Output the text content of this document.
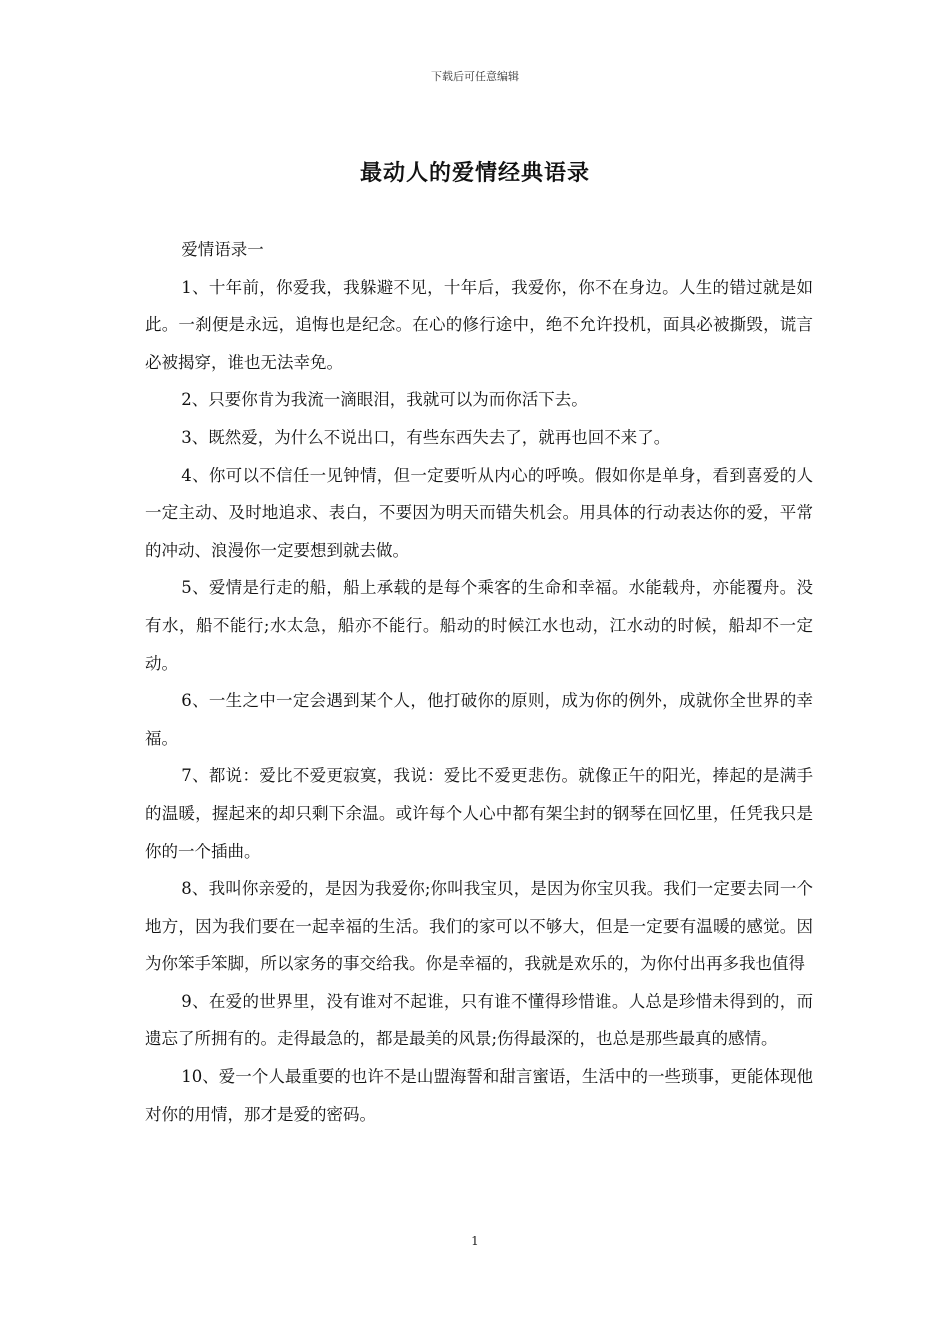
下载后可任意编辑
最动人的爱情经典语录

爱情语录一

1、十年前，你爱我，我躲避不见，十年后，我爱你，你不在身边。人生的错过就是如此。一刹便是永远，追悔也是纪念。在心的修行途中，绝不允许投机，面具必被撕毁，谎言必被揭穿，谁也无法幸免。

2、只要你肯为我流一滴眼泪，我就可以为而你活下去。

3、既然爱，为什么不说出口，有些东西失去了，就再也回不来了。

4、你可以不信任一见钟情，但一定要听从内心的呼唤。假如你是单身，看到喜爱的人一定主动、及时地追求、表白，不要因为明天而错失机会。用具体的行动表达你的爱，平常的冲动、浪漫你一定要想到就去做。

5、爱情是行走的船，船上承载的是每个乘客的生命和幸福。水能载舟，亦能覆舟。没有水，船不能行;水太急，船亦不能行。船动的时候江水也动，江水动的时候，船却不一定动。

6、一生之中一定会遇到某个人，他打破你的原则，成为你的例外，成就你全世界的幸福。

7、都说：爱比不爱更寂寞，我说：爱比不爱更悲伤。就像正午的阳光，捧起的是满手的温暖，握起来的却只剩下余温。或许每个人心中都有架尘封的钢琴在回忆里，任凭我只是你的一个插曲。

8、我叫你亲爱的，是因为我爱你;你叫我宝贝，是因为你宝贝我。我们一定要去同一个地方，因为我们要在一起幸福的生活。我们的家可以不够大，但是一定要有温暖的感觉。因为你笨手笨脚，所以家务的事交给我。你是幸福的，我就是欢乐的，为你付出再多我也值得

9、在爱的世界里，没有谁对不起谁，只有谁不懂得珍惜谁。人总是珍惜未得到的，而遗忘了所拥有的。走得最急的，都是最美的风景;伤得最深的，也总是那些最真的感情。

10、爱一个人最重要的也许不是山盟海誓和甜言蜜语，生活中的一些琐事，更能体现他对你的用情，那才是爱的密码。

1
